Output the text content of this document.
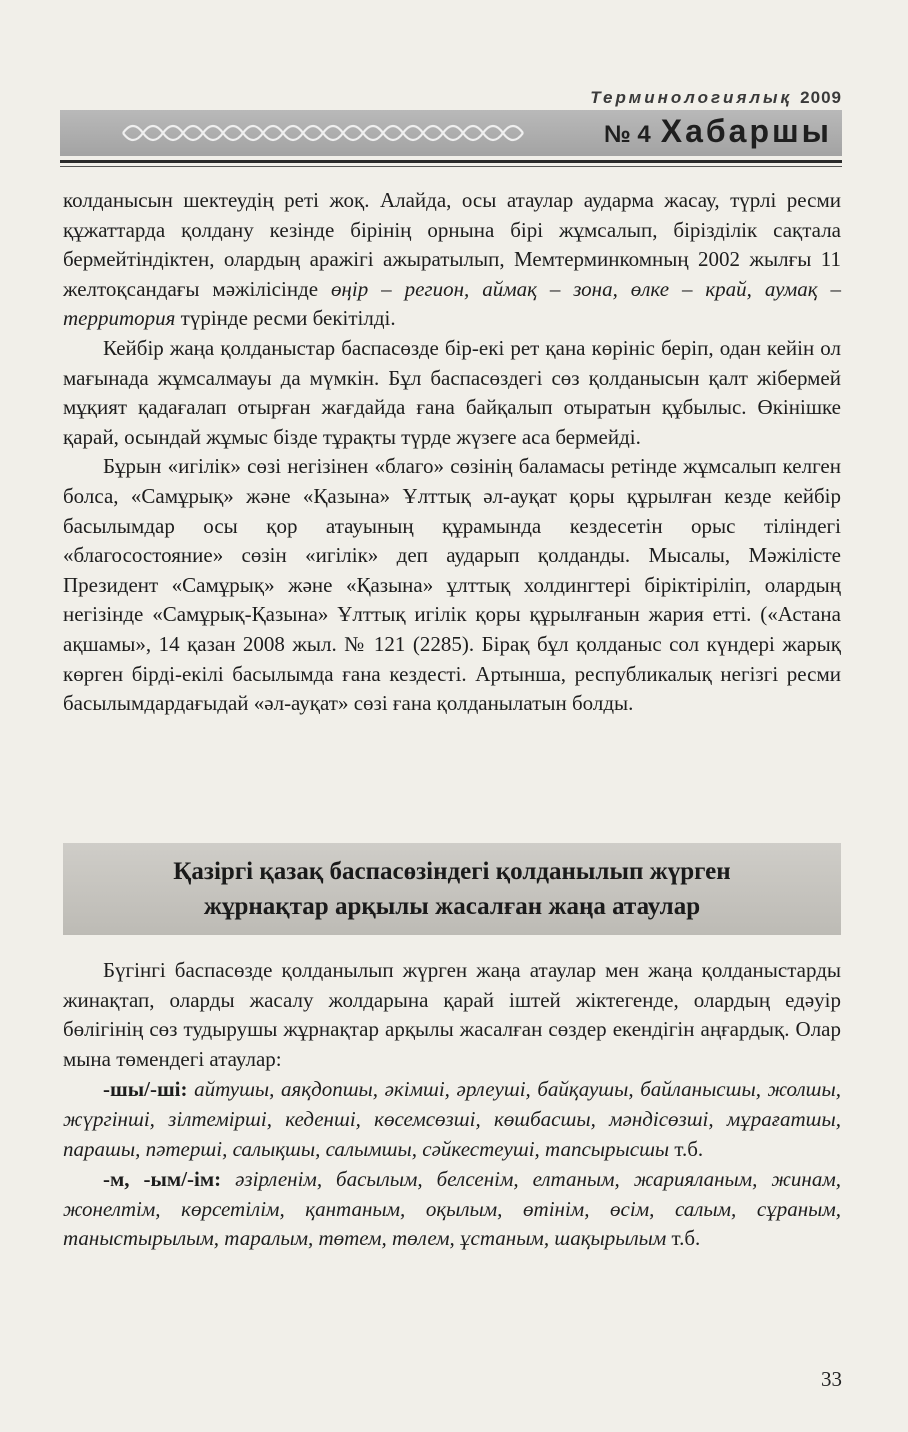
Терминологиялық 2009
№ 4 Хабаршы

колданысын шектеудің реті жоқ. Алайда, осы атаулар аударма жасау, түрлі ресми құжаттарда қолдану кезінде бірінің орнына бірі жұмсалып, біріздiлiк сақтала бермейтiндiктен, олардың аражiгi ажыратылып, Мемтерминкомның 2002 жылғы 11 желтоқсандағы мәжiлiсiнде өңір – регион, аймақ – зона, өлке – край, аумақ – территория түрiнде ресми бекiтiлдi.

Кейбiр жаңа қолданыстар баспасөзде бiр-екi рет қана көрiнiс берiп, одан кейiн ол мағынада жұмсалмауы да мүмкiн. Бұл баспасөздегi сөз қолданысын қалт жiбермей мұқият қадағалап отырған жағдайда ғана байқалып отыратын құбылыс. Өкiнiшке қарай, осындай жұмыс бiзде тұрақты түрде жүзеге аса бермейдi.

Бұрын «игiлiк» сөзi негiзiнен «благо» сөзiнiң баламасы ретiнде жұмсалып келген болса, «Самұрық» және «Қазына» Ұлттық әл-ауқат қоры құрылған кезде кейбiр басылымдар осы қор атауының құрамында кездесетiн орыс тiлiндегi «благосостояние» сөзiн «игiлiк» деп аударып қолданды. Мысалы, Мәжiлiсте Президент «Самұрық» және «Қазына» ұлттық холдингтерi бiрiктiрiлiп, олардың негiзiнде «Самұрық-Қазына» Ұлттық игiлiк қоры құрылғанын жария еттi. («Астана ақшамы», 14 қазан 2008 жыл. № 121 (2285). Бiрақ бұл қолданыс сол күндерi жарық көрген бiрдi-екiлi басылымда ғана кездестi. Артынша, республикалық негiзгi ресми басылымдардағыдай «әл-ауқат» сөзi ғана қолданылатын болды.

Қазiргi қазақ баспасөзiндегi қолданылып жүрген
жұрнақтар арқылы жасалған жаңа атаулар

Бүгiнгi баспасөзде қолданылып жүрген жаңа атаулар мен жаңа қолданыстарды жинақтап, оларды жасалу жолдарына қарай iштей жiктегенде, олардың едәуiр бөлiгiнiң сөз тудырушы жұрнақтар арқылы жасалған сөздер екендiгiн аңғардық. Олар мына төмендегi атаулар:

-шы/-шi: айтушы, аяқдопшы, әкiмшi, әрлеушi, байқаушы, байланысшы, жолшы, жүргiншi, зiлтемiршi, кеденшi, көсемсөзшi, көшбасшы, мәндiсөзшi, мұрағатшы, парашы, пәтершi, салықшы, салымшы, сәйкестеушi, тапсырысшы т.б.

-м, -ым/-iм: әзiрленiм, басылым, белсенiм, елтаным, жарияланым, жинам, жонелтiм, көрсетiлiм, қантаным, оқылым, өтiнiм, өсiм, салым, сұраным, таныстырылым, таралым, төтем, төлем, ұстаным, шақырылым т.б.

33
